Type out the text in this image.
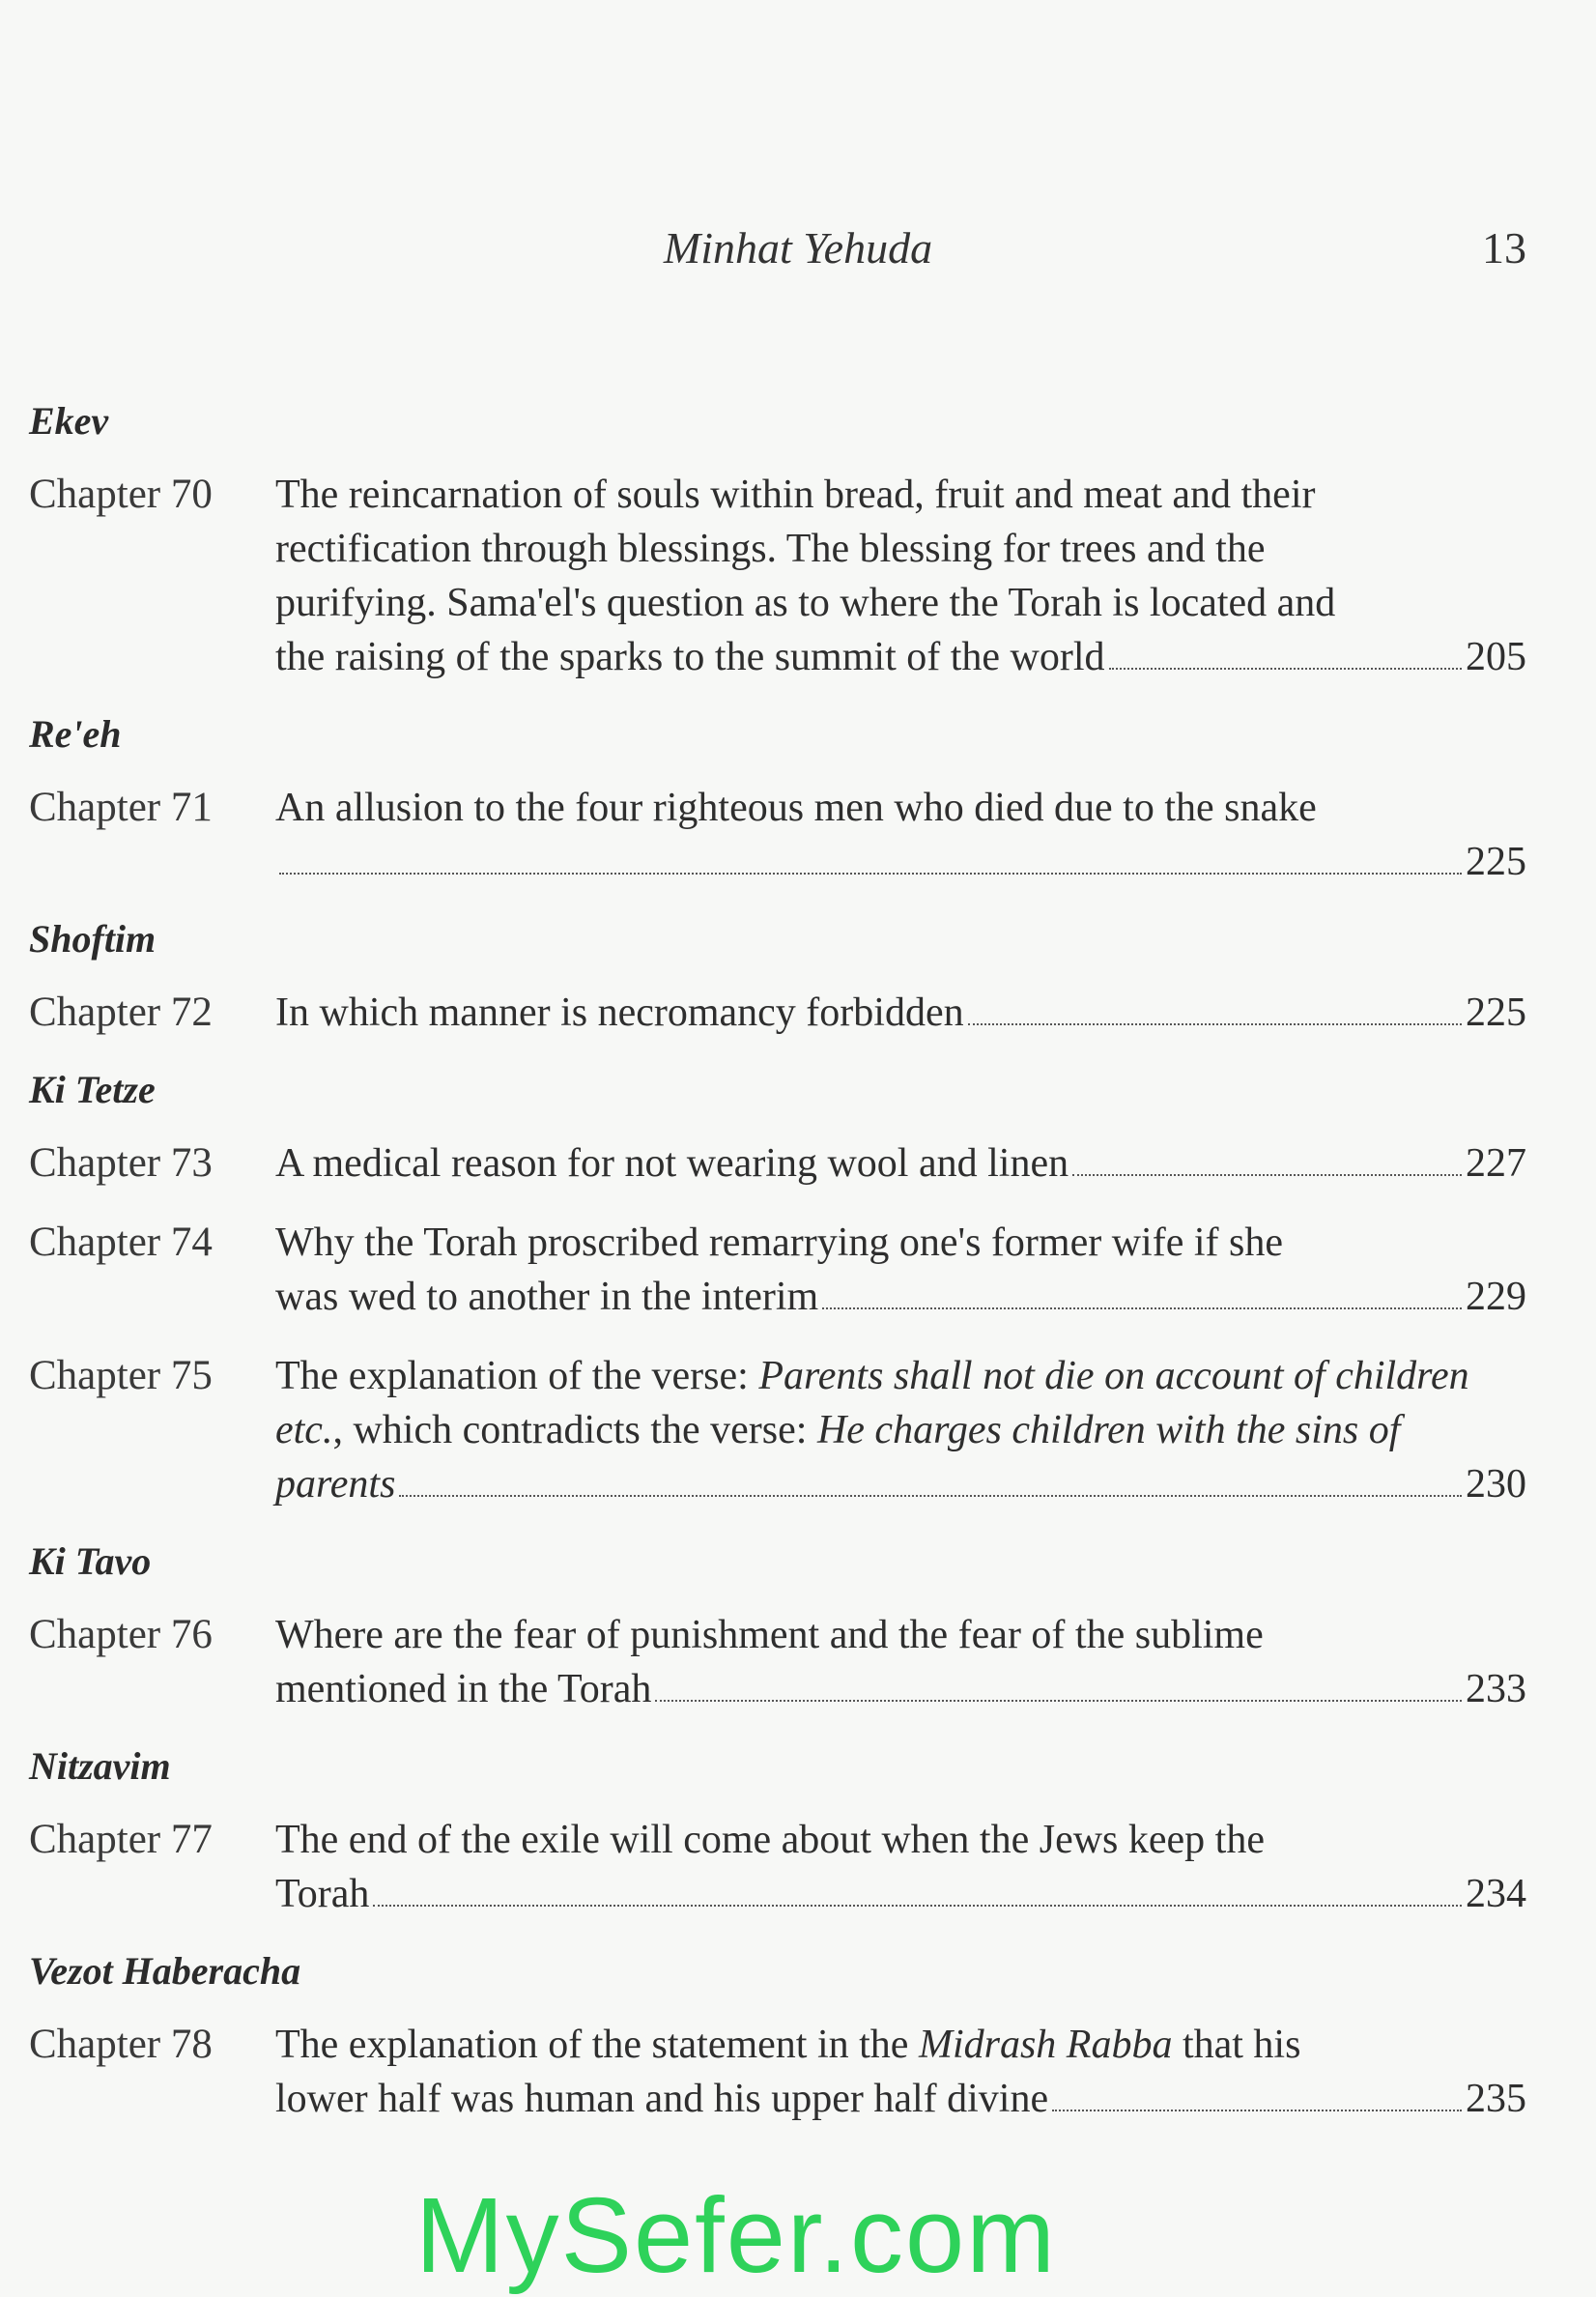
Minhat Yehuda	13
Ekev
Chapter 70	The reincarnation of souls within bread, fruit and meat and their
rectification through blessings. The blessing for trees and the
purifying. Sama'el's question as to where the Torah is located and
the raising of the sparks to the summit of the world	205
Re'eh
Chapter 71	An allusion to the four righteous men who died due to the snake
225
Shoftim
Chapter 72	In which manner is necromancy forbidden	225
Ki Tetze
Chapter 73	A medical reason for not wearing wool and linen	227
Chapter 74	Why the Torah proscribed remarrying one's former wife if she
was wed to another in the interim	229
Chapter 75	The explanation of the verse: Parents shall not die on account of children
etc., which contradicts the verse: He charges children with the sins of
parents	230
Ki Tavo
Chapter 76	Where are the fear of punishment and the fear of the sublime
mentioned in the Torah	233
Nitzavim
Chapter 77	The end of the exile will come about when the Jews keep the
Torah	234
Vezot Haberacha
Chapter 78	The explanation of the statement in the Midrash Rabba that his
lower half was human and his upper half divine	235
MySefer.com
